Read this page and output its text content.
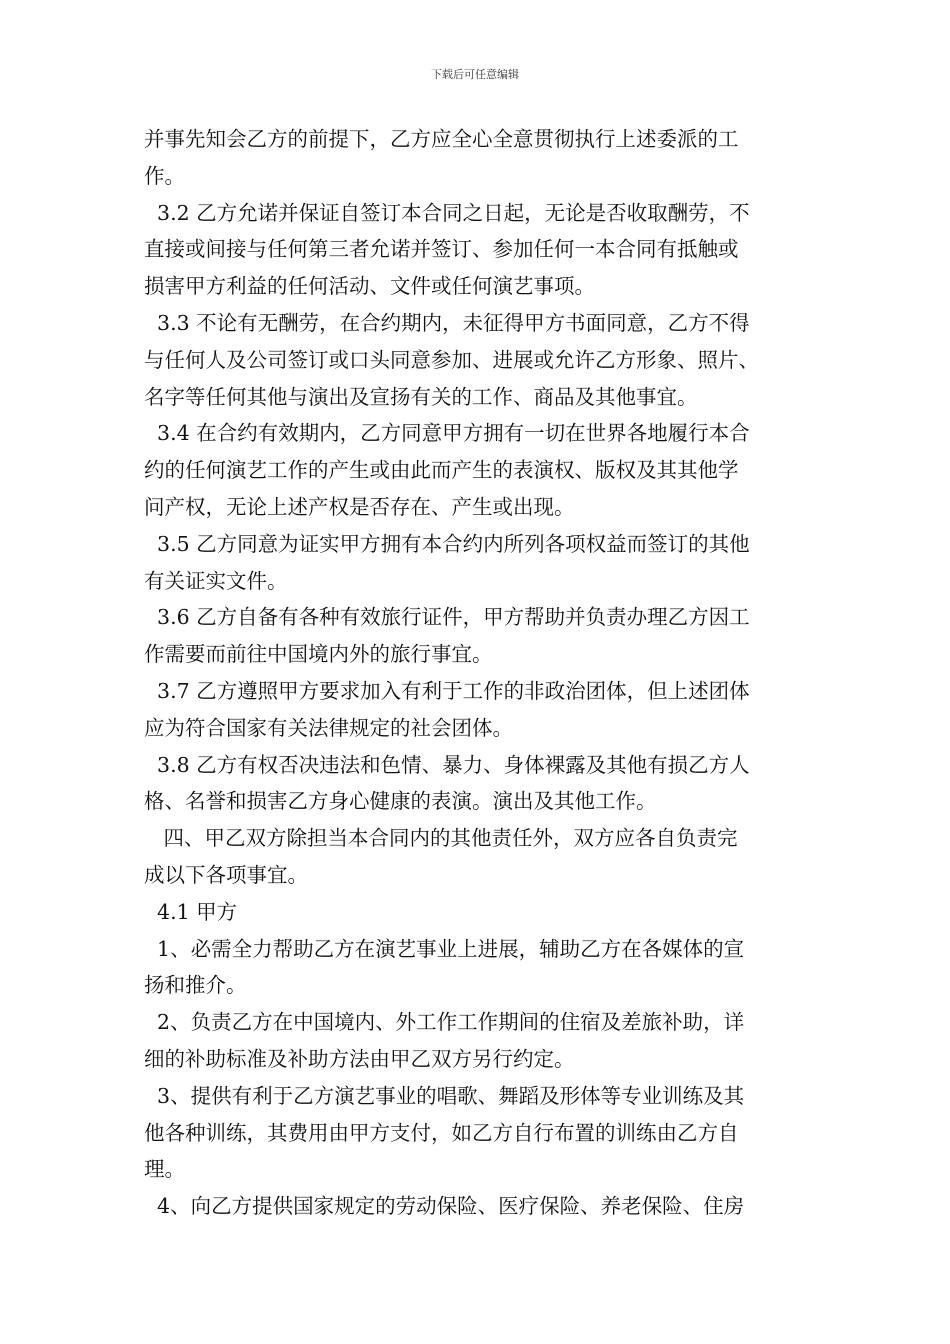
下载后可任意编辑
并事先知会乙方的前提下，乙方应全心全意贯彻执行上述委派的工
作。
3.2 乙方允诺并保证自签订本合同之日起，无论是否收取酬劳，不
直接或间接与任何第三者允诺并签订、参加任何一本合同有抵触或
损害甲方利益的任何活动、文件或任何演艺事项。
3.3 不论有无酬劳，在合约期内，未征得甲方书面同意，乙方不得
与任何人及公司签订或口头同意参加、进展或允许乙方形象、照片、
名字等任何其他与演出及宣扬有关的工作、商品及其他事宜。
3.4 在合约有效期内，乙方同意甲方拥有一切在世界各地履行本合
约的任何演艺工作的产生或由此而产生的表演权、版权及其其他学
问产权，无论上述产权是否存在、产生或出现。
3.5 乙方同意为证实甲方拥有本合约内所列各项权益而签订的其他
有关证实文件。
3.6 乙方自备有各种有效旅行证件，甲方帮助并负责办理乙方因工
作需要而前往中国境内外的旅行事宜。
3.7 乙方遵照甲方要求加入有利于工作的非政治团体，但上述团体
应为符合国家有关法律规定的社会团体。
3.8 乙方有权否决违法和色情、暴力、身体裸露及其他有损乙方人
格、名誉和损害乙方身心健康的表演。演出及其他工作。
四、甲乙双方除担当本合同内的其他责任外，双方应各自负责完
成以下各项事宜。
4.1 甲方
1、必需全力帮助乙方在演艺事业上进展，辅助乙方在各媒体的宣
扬和推介。
2、负责乙方在中国境内、外工作工作期间的住宿及差旅补助，详
细的补助标准及补助方法由甲乙双方另行约定。
3、提供有利于乙方演艺事业的唱歌、舞蹈及形体等专业训练及其
他各种训练，其费用由甲方支付，如乙方自行布置的训练由乙方自
理。
4、向乙方提供国家规定的劳动保险、医疗保险、养老保险、住房
